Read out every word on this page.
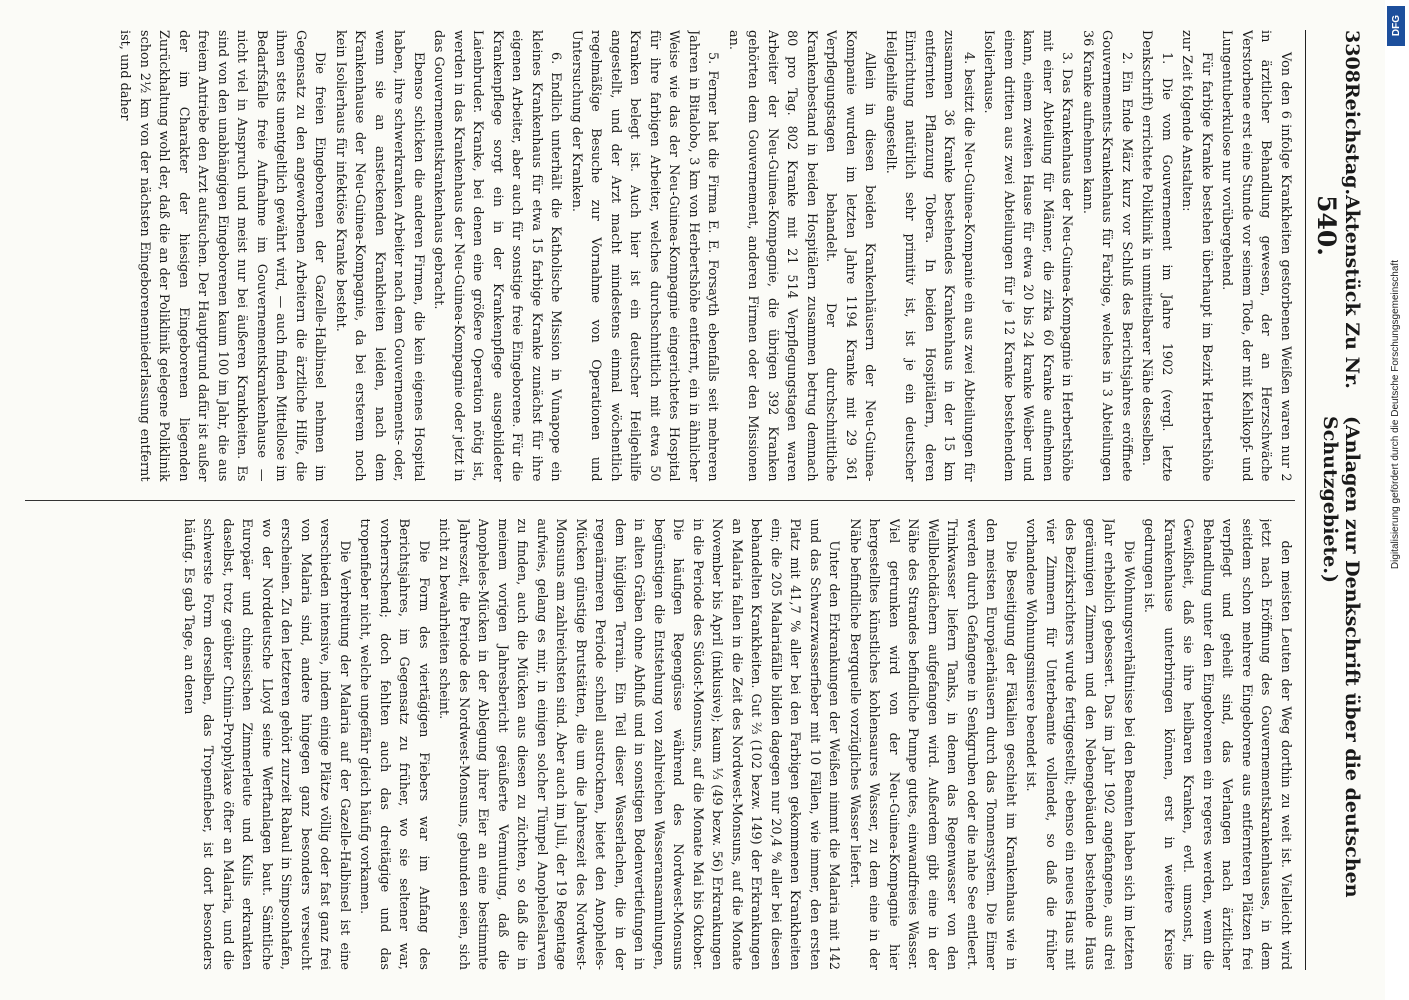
3308
Reichstag.
Aktenstück Zu Nr. 540.
(Anlagen zur Denkschrift über die deutschen Schutzgebiete.)

Von den 6 infolge Krankheiten gestorbenen Weißen waren nur 2 in ärztlicher Behandlung gewesen, der an Herzschwäche Verstorbene erst eine Stunde vor seinem Tode, der mit Kehlkopf- und Lungentuberkulose nur vorübergehend.

Für farbige Kranke bestehen überhaupt im Bezirk Herbertshöhe zur Zeit folgende Anstalten:

1. Die vom Gouvernement im Jahre 1902 (vergl. letzte Denkschrift) errichtete Poliklinik in unmittelbarer Nähe desselben.

2. Ein Ende März kurz vor Schluß des Berichtsjahres eröffnete Gouvernements-Krankenhaus für Farbige, welches in 3 Abteilungen 36 Kranke aufnehmen kann.

3. Das Krankenhaus der Neu-Guinea-Kompagnie in Herbertshöhe mit einer Abteilung für Männer, die zirka 60 Kranke aufnehmen kann, einem zweiten Hause für etwa 20 bis 24 kranke Weiber und einem dritten aus zwei Abteilungen für je 12 Kranke bestehendem Isolierhause.

4. besitzt die Neu-Guinea-Kompanie ein aus zwei Abteilungen für zusammen 36 Kranke bestehendes Krankenhaus in der 15 km entfernten Pflanzung Tobera. In beiden Hospitälern, deren Einrichtung natürlich sehr primitiv ist, ist je ein deutscher Heilgehilfe angestellt.

Allein in diesen beiden Krankenhäusern der Neu-Guinea-Kompanie wurden im letzten Jahre 1194 Kranke mit 29 361 Verpflegungstagen behandelt. Der durchschnittliche Krankenbestand in beiden Hospitälern zusammen betrug demnach 80 pro Tag. 802 Kranke mit 21 514 Verpflegungstagen waren Arbeiter der Neu-Guinea-Kompagnie, die übrigen 392 Kranken gehörten dem Gouvernement, anderen Firmen oder den Missionen an.

5. Ferner hat die Firma E. E. Forsayth ebenfalls seit mehreren Jahren in Bitalobo, 3 km von Herbertshöhe entfernt, ein in ähnlicher Weise wie das der Neu-Guinea-Kompagnie eingerichtetes Hospital für ihre farbigen Arbeiter, welches durchschnittlich mit etwa 50 Kranken belegt ist. Auch hier ist ein deutscher Heilgehilfe angestellt, und der Arzt macht mindestens einmal wöchentlich regelmäßige Besuche zur Vornahme von Operationen und Untersuchung der Kranken.

6. Endlich unterhält die Katholische Mission in Vunapope ein kleines Krankenhaus für etwa 15 farbige Kranke zunächst für ihre eigenen Arbeiter, aber auch für sonstige freie Eingeborene. Für die Krankenpflege sorgt ein in der Krankenpflege ausgebildeter Laienbruder. Kranke, bei denen eine größere Operation nötig ist, werden in das Krankenhaus der Neu-Guinea-Kompagnie oder jetzt in das Gouvernementskrankenhaus gebracht.

Ebenso schicken die anderen Firmen, die kein eigenes Hospital haben, ihre schwerkranken Arbeiter nach dem Gouvernements- oder, wenn sie an ansteckenden Krankheiten leiden, nach dem Krankenhause der Neu-Guinea-Kompagnie, da bei ersterem noch kein Isolierhaus für infektiöse Kranke besteht.

Die freien Eingeborenen der Gazelle-Halbinsel nehmen im Gegensatz zu den angeworbenen Arbeitern die ärztliche Hilfe, die ihnen stets unentgeltlich gewährt wird, — auch finden Mittellose im Bedarfsfalle freie Aufnahme im Gouvernementskrankenhause — nicht viel in Anspruch und meist nur bei äußeren Krankheiten. Es sind von den unabhängigen Eingeborenen kaum 100 im Jahr, die aus freiem Antriebe den Arzt aufsuchen. Der Hauptgrund dafür ist außer der im Charakter der hiesigen Eingeborenen liegenden Zurückhaltung wohl der, daß die an der Poliklinik gelegene Poliklinik schon 2½ km von der nächsten Eingeborenenniederlassung entfernt ist, und daher

den meisten Leuten der Weg dorthin zu weit ist. Vielleicht wird jetzt nach Eröffnung des Gouvernementskrankenhauses, in dem seitdem schon mehrere Eingeborene aus entfernteren Plätzen frei verpflegt und geheilt sind, das Verlangen nach ärztlicher Behandlung unter den Eingeborenen ein regeres werden, wenn die Gewißheit, daß sie ihre heilbaren Kranken, evtl. umsonst, im Krankenhause unterbringen können, erst in weitere Kreise gedrungen ist.

Die Wohnungsverhältnisse bei den Beamten haben sich im letzten Jahr erheblich gebessert. Das im Jahr 1902 angefangene, aus drei geräumigen Zimmern und den Nebengebäuden bestehende Haus des Bezirksrichters wurde fertiggestellt; ebenso ein neues Haus mit vier Zimmern für Unterbeamte vollendet, so daß die früher vorhandene Wohnungsmisere beendet ist.

Die Beseitigung der Fäkalien geschieht im Krankenhaus wie in den meisten Europäerhäusern durch das Tonnensystem. Die Eimer werden durch Gefangene in Senkgruben oder die nahe See entleert. Trinkwasser liefern Tanks, in denen das Regenwasser von den Wellblechdächern aufgefangen wird. Außerdem gibt eine in der Nähe des Strandes befindliche Pumpe gutes, einwandfreies Wasser. Viel getrunken wird von der Neu-Guinea-Kompagnie hier hergestelltes künstliches kohlensaures Wasser, zu dem eine in der Nähe befindliche Bergquelle vorzügliches Wasser liefert.

Unter den Erkrankungen der Weißen nimmt die Malaria mit 142 und das Schwarzwasserfieber mit 10 Fällen, wie immer, den ersten Platz mit 41,7 % aller bei den Farbigen gekommenen Krankheiten ein; die 205 Malariafälle bilden dagegen nur 20,4 % aller bei diesen behandelten Krankheiten. Gut ⅔ (102 bezw. 149) der Erkrankungen an Malaria fallen in die Zeit des Nordwest-Monsuns, auf die Monate November bis April (inklusive); kaum ⅓ (49 bezw. 56) Erkrankungen in die Periode des Südost-Monsuns, auf die Monate Mai bis Oktober. Die häufigen Regengüsse während des Nordwest-Monsuns begünstigen die Entstehung von zahlreichen Wasseransammlungen, in alten Gräben ohne Abfluß und in sonstigen Bodenvertiefungen in dem hügligen Terrain. Ein Teil dieser Wasserlachen, die in der regenärmeren Periode schnell austrocknen, bietet den Anopheles-Mücken günstige Brutstätten, die um die Jahreszeit des Nordwest-Monsuns am zahlreichsten sind. Aber auch im Juli, der 19 Regentage aufwies, gelang es mir, in einigen solcher Tümpel Anopheleslarven zu finden, auch die Mücken aus diesen zu züchten, so daß die in meinem vorigen Jahresbericht geäußerte Vermutung, daß die Anopheles-Mücken in der Ablegung ihrer Eier an eine bestimmte Jahreszeit, die Periode des Nordwest-Monsuns, gebunden seien, sich nicht zu bewahrheiten scheint.

Die Form des viertägigen Fiebers war im Anfang des Berichtsjahres, im Gegensatz zu früher, wo sie seltener war, vorherrschend; doch fehlten auch das dreitägige und das tropenfieber nicht, welche ungefähr gleich häufig vorkamen.

Die Verbreitung der Malaria auf der Gazelle-Halbinsel ist eine verschieden intensive, indem einige Plätze völlig oder fast ganz frei von Malaria sind, andere hingegen ganz besonders verseucht erscheinen. Zu den letzteren gehört zurzeit Rabaul in Simpsonhafen, wo der Norddeutsche Lloyd seine Werftanlagen baut. Sämtliche Europäer und chinesischen Zimmerleute und Kulis erkrankten daselbst, trotz geübter Chinin-Prophylaxe öfter an Malaria, und die schwerste Form derselben, das Tropenfieber, ist dort besonders häufig. Es gab Tage, an denen

Digitalisierung gefördert durch die Deutsche Forschungsgemeinschaft
DFG
